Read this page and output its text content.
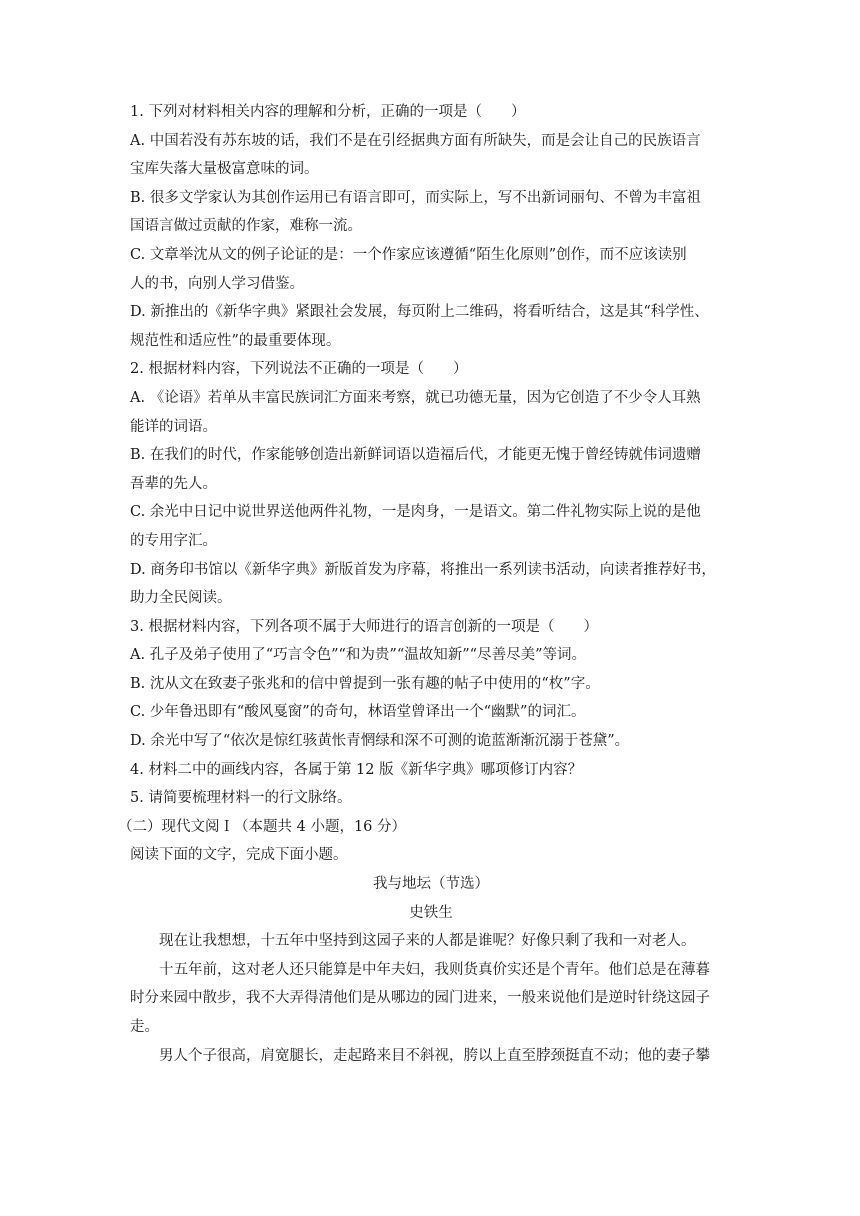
1. 下列对材料相关内容的理解和分析，正确的一项是（　　）

A. 中国若没有苏东坡的话，我们不是在引经据典方面有所缺失，而是会让自己的民族语言

宝库失落大量极富意味的词。

B. 很多文学家认为其创作运用已有语言即可，而实际上，写不出新词丽句、不曾为丰富祖

国语言做过贡献的作家，难称一流。

C. 文章举沈从文的例子论证的是：一个作家应该遵循“陌生化原则”创作，而不应该读别

人的书，向别人学习借鉴。

D. 新推出的《新华字典》紧跟社会发展，每页附上二维码，将看听结合，这是其“科学性、

规范性和适应性”的最重要体现。

2. 根据材料内容，下列说法不正确的一项是（　　）

A. 《论语》若单从丰富民族词汇方面来考察，就已功德无量，因为它创造了不少令人耳熟

能详的词语。

B. 在我们的时代，作家能够创造出新鲜词语以造福后代，才能更无愧于曾经铸就伟词遗赠

吾辈的先人。

C. 余光中日记中说世界送他两件礼物，一是肉身，一是语文。第二件礼物实际上说的是他

的专用字汇。

D. 商务印书馆以《新华字典》新版首发为序幕，将推出一系列读书活动，向读者推荐好书，

助力全民阅读。

3. 根据材料内容，下列各项不属于大师进行的语言创新的一项是（　　）

A. 孔子及弟子使用了“巧言令色”“和为贵”“温故知新”“尽善尽美”等词。

B. 沈从文在致妻子张兆和的信中曾提到一张有趣的帖子中使用的“枚”字。

C. 少年鲁迅即有“酸风戛窗”的奇句，林语堂曾译出一个“幽默”的词汇。

D. 余光中写了“依次是惊红骇黄怅青惘绿和深不可测的诡蓝渐渐沉溺于苍黛”。

4. 材料二中的画线内容，各属于第 12 版《新华字典》哪项修订内容？

5. 请简要梳理材料一的行文脉络。

（二）现代文阅Ｉ（本题共 4 小题，16 分）

阅读下面的文字，完成下面小题。

我与地坛（节选）

史铁生

现在让我想想，十五年中坚持到这园子来的人都是谁呢？好像只剩了我和一对老人。

十五年前，这对老人还只能算是中年夫妇，我则货真价实还是个青年。他们总是在薄暮

时分来园中散步，我不大弄得清他们是从哪边的园门进来，一般来说他们是逆时针绕这园子

走。

男人个子很高，肩宽腿长，走起路来目不斜视，胯以上直至脖颈挺直不动；他的妻子攀
